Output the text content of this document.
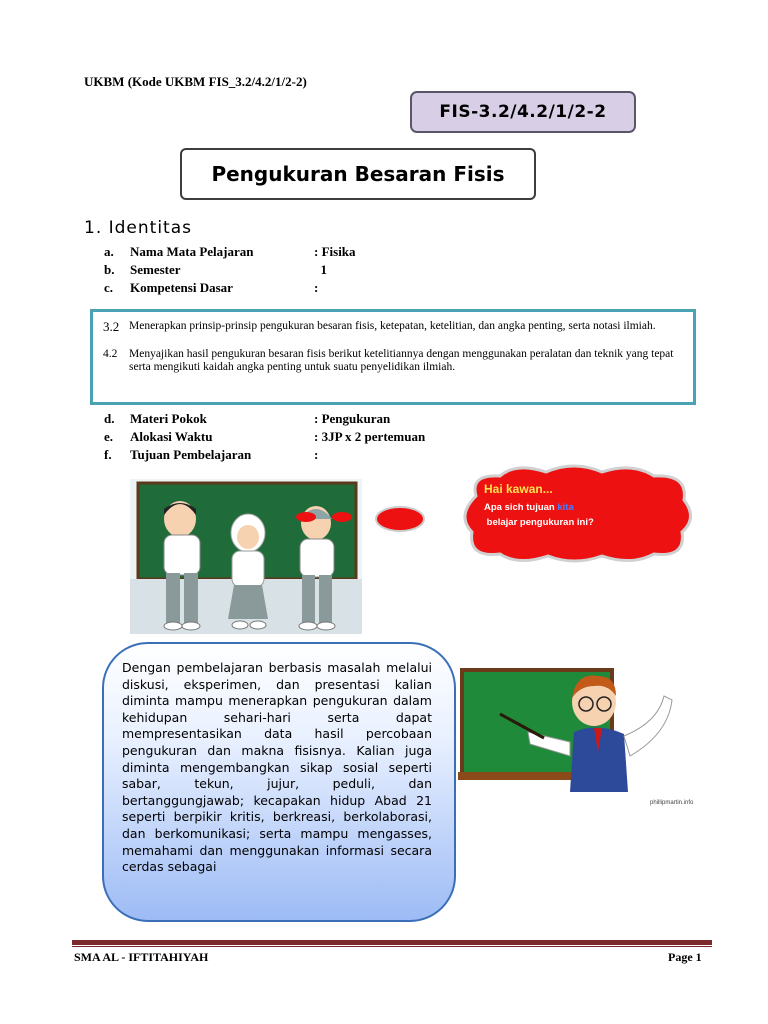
UKBM (Kode UKBM FIS_3.2/4.2/1/2-2)
FIS-3.2/4.2/1/2-2
Pengukuran Besaran Fisis
1. Identitas
a.	Nama Mata Pelajaran	: Fisika
b.	Semester	1
c.	Kompetensi Dasar	:
3.2 Menerapkan prinsip-prinsip pengukuran besaran fisis, ketepatan, ketelitian, dan angka penting, serta notasi ilmiah.
4.2 Menyajikan hasil pengukuran besaran fisis berikut ketelitiannya dengan menggunakan peralatan dan teknik yang tepat serta mengikuti kaidah angka penting untuk suatu penyelidikan ilmiah.
d.	Materi Pokok	: Pengukuran
e.	Alokasi Waktu	: 3JP x 2 pertemuan
f.	Tujuan Pembelajaran	:
Hai kawan...
Apa sich tujuan kita belajar pengukuran ini?
Dengan pembelajaran berbasis masalah melalui diskusi, eksperimen, dan presentasi kalian diminta mampu menerapkan pengukuran dalam kehidupan sehari-hari serta dapat mempresentasikan data hasil percobaan pengukuran dan makna fisisnya. Kalian juga diminta mengembangkan sikap sosial seperti sabar, tekun, jujur, peduli, dan bertanggungjawab; kecapakan hidup Abad 21 seperti berpikir kritis, berkreasi, berkolaborasi, dan berkomunikasi; serta mampu mengasses, memahami dan menggunakan informasi secara cerdas sebagai
phillipmartin.info
SMA AL - IFTITAHIYAH	Page 1
